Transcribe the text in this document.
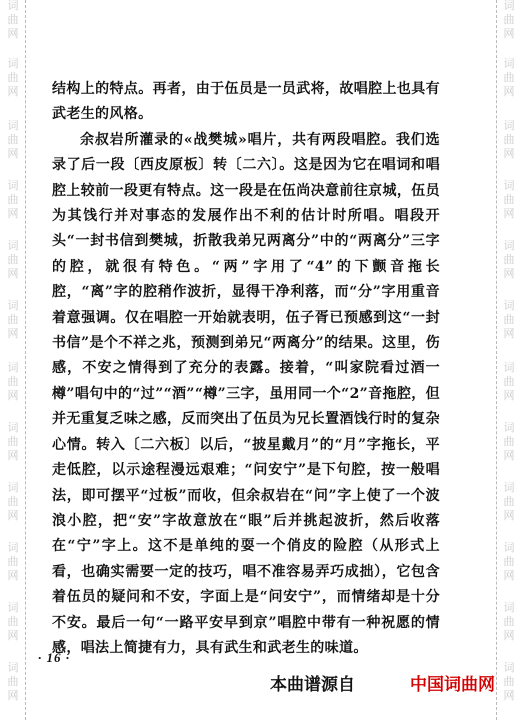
词
曲
网
词
曲
网
词
曲
网
词
曲
网
词
曲
网
词
曲
网
词
曲
网
词
曲
网
词
曲
网
词
曲
网
词
曲
网
词
曲
网
词
曲
网
词
曲
网
词
曲
网
词
曲
网
词
曲
网
词
曲
网
词
曲
网
词
曲
网
词
曲
网
词
曲
网
词
曲
网
词
曲
网

结构上的特点。再者，由于伍员是一员武将，故唱腔上也具有武老生的风格。

余叔岩所灌录的«战樊城»唱片，共有两段唱腔。我们选录了后一段〔西皮原板〕转〔二六〕。这是因为它在唱词和唱腔上较前一段更有特点。这一段是在伍尚决意前往京城，伍员为其饯行并对事态的发展作出不利的估计时所唱。唱段开头“一封书信到樊城，折散我弟兄两离分”中的“两离分”三字的腔，就很有特色。“两”字用了“4”的下颤音拖长腔，“离”字的腔稍作波折，显得干净利落，而“分”字用重音着意强调。仅在唱腔一开始就表明，伍子胥已预感到这“一封书信”是个不祥之兆，预测到弟兄“两离分”的结果。这里，伤感，不安之情得到了充分的表露。接着，“叫家院看过酒一樽”唱句中的“过”“酒”“樽”三字，虽用同一个“2”音拖腔，但并无重复乏味之感，反而突出了伍员为兄长置酒饯行时的复杂心情。转入〔二六板〕以后，“披星戴月”的“月”字拖长，平走低腔，以示途程漫远艰难；“问安宁”是下句腔，按一般唱法，即可摆平“过板”而收，但余叔岩在“问”字上使了一个波浪小腔，把“安”字故意放在“眼”后并挑起波折，然后收落在“宁”字上。这不是单纯的耍一个俏皮的险腔（从形式上看，也确实需要一定的技巧，唱不准容易弄巧成拙），它包含着伍员的疑问和不安，字面上是“问安宁”，而情绪却是十分不安。最后一句“一路平安早到京”唱腔中带有一种祝愿的情感，唱法上简捷有力，具有武生和武老生的味道。

· 16 ·
本曲谱源自	中国词曲网
